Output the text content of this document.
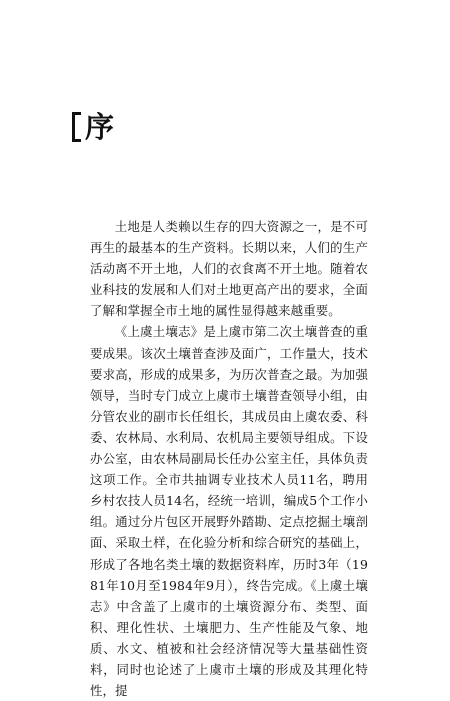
序

土地是人类赖以生存的四大资源之一，是不可再生的最基本的生产资料。长期以来，人们的生产活动离不开土地，人们的衣食离不开土地。随着农业科技的发展和人们对土地更高产出的要求，全面了解和掌握全市土地的属性显得越来越重要。

《上虞土壤志》是上虞市第二次土壤普查的重要成果。该次土壤普查涉及面广，工作量大，技术要求高，形成的成果多，为历次普查之最。为加强领导，当时专门成立上虞市土壤普查领导小组，由分管农业的副市长任组长，其成员由上虞农委、科委、农林局、水利局、农机局主要领导组成。下设办公室，由农林局副局长任办公室主任，具体负责这项工作。全市共抽调专业技术人员11名，聘用乡村农技人员14名，经统一培训，编成5个工作小组。通过分片包区开展野外踏勘、定点挖掘土壤剖面、采取土样，在化验分析和综合研究的基础上，形成了各地名类土壤的数据资料库，历时3年（1981年10月至1984年9月），终告完成。《上虞土壤志》中含盖了上虞市的土壤资源分布、类型、面积、理化性状、土壤肥力、生产性能及气象、地质、水文、植被和社会经济情况等大量基础性资料，同时也论述了上虞市土壤的形成及其理化特性，提
